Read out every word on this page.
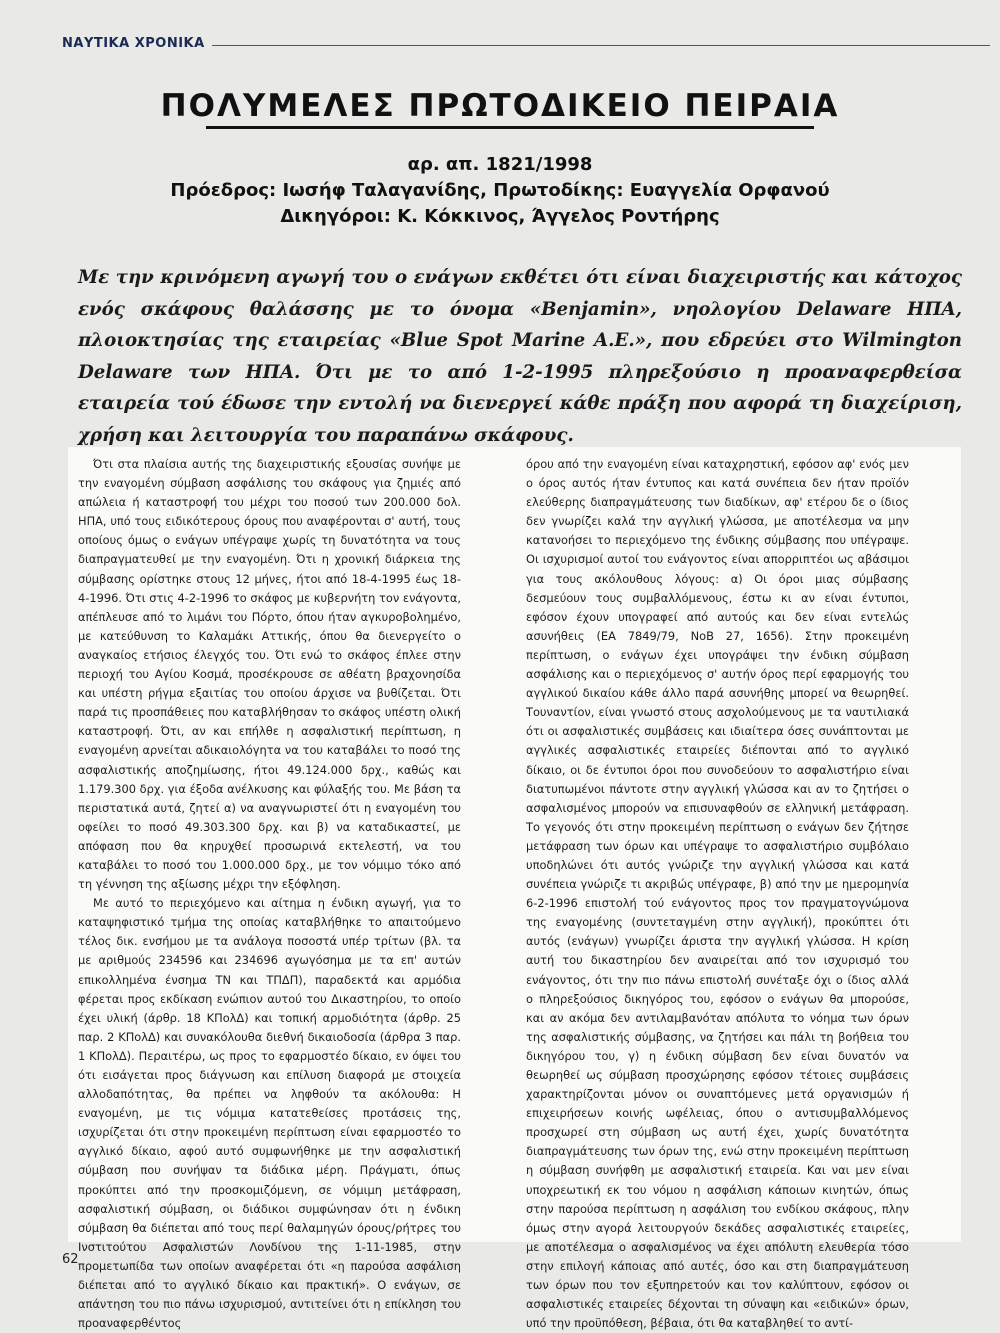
ΝΑΥΤΙΚΑ ΧΡΟΝΙΚΑ
ΠΟΛΥΜΕΛΕΣ ΠΡΩΤΟΔΙΚΕΙΟ ΠΕΙΡΑΙΑ
αρ. απ. 1821/1998
Πρόεδρος: Ιωσήφ Ταλαγανίδης, Πρωτοδίκης: Ευαγγελία Ορφανού
Δικηγόροι: Κ. Κόκκινος, Άγγελος Ροντήρης
Με την κρινόμενη αγωγή του ο ενάγων εκθέτει ότι είναι διαχειριστής και κάτοχος ενός σκάφους θαλάσσης με το όνομα «Benjamin», νηολογίου Delaware ΗΠΑ, πλοιοκτησίας της εταιρείας «Blue Spot Marine A.E.», που εδρεύει στο Wilmington Delaware των ΗΠΑ. Ότι με το από 1-2-1995 πληρεξούσιο η προαναφερθείσα εταιρεία τού έδωσε την εντολή να διενεργεί κάθε πράξη που αφορά τη διαχείριση, χρήση και λειτουργία του παραπάνω σκάφους.

Ότι στα πλαίσια αυτής της διαχειριστικής εξουσίας συνήψε με την εναγομένη σύμβαση ασφάλισης του σκάφους για ζημιές από απώλεια ή καταστροφή του μέχρι του ποσού των 200.000 δολ. ΗΠΑ, υπό τους ειδικότερους όρους που αναφέρονται σ' αυτή, τους οποίους όμως ο ενάγων υπέγραψε χωρίς τη δυνατότητα να τους διαπραγματευθεί με την εναγομένη. Ότι η χρονική διάρκεια της σύμβασης ορίστηκε στους 12 μήνες, ήτοι από 18-4-1995 έως 18-4-1996. Ότι στις 4-2-1996 το σκάφος με κυβερνήτη τον ενάγοντα, απέπλευσε από το λιμάνι του Πόρτο, όπου ήταν αγκυροβολημένο, με κατεύθυνση το Καλαμάκι Αττικής, όπου θα διενεργείτο ο αναγκαίος ετήσιος έλεγχός του. Ότι ενώ το σκάφος έπλεε στην περιοχή του Αγίου Κοσμά, προσέκρουσε σε αθέατη βραχονησίδα και υπέστη ρήγμα εξαιτίας του οποίου άρχισε να βυθίζεται. Ότι παρά τις προσπάθειες που καταβλήθησαν το σκάφος υπέστη ολική καταστροφή. Ότι, αν και επήλθε η ασφαλιστική περίπτωση, η εναγομένη αρνείται αδικαιολόγητα να του καταβάλει το ποσό της ασφαλιστικής αποζημίωσης, ήτοι 49.124.000 δρχ., καθώς και 1.179.300 δρχ. για έξοδα ανέλκυσης και φύλαξής του. Με βάση τα περιστατικά αυτά, ζητεί α) να αναγνωριστεί ότι η εναγομένη του οφείλει το ποσό 49.303.300 δρχ. και β) να καταδικαστεί, με απόφαση που θα κηρυχθεί προσωρινά εκτελεστή, να του καταβάλει το ποσό του 1.000.000 δρχ., με τον νόμιμο τόκο από τη γέννηση της αξίωσης μέχρι την εξόφληση.

Με αυτό το περιεχόμενο και αίτημα η ένδικη αγωγή, για το καταψηφιστικό τμήμα της οποίας καταβλήθηκε το απαιτούμενο τέλος δικ. ενσήμου με τα ανάλογα ποσοστά υπέρ τρίτων (βλ. τα με αριθμούς 234596 και 234696 αγωγόσημα με τα επ' αυτών επικολλημένα ένσημα ΤΝ και ΤΠΔΠ), παραδεκτά και αρμόδια φέρεται προς εκδίκαση ενώπιον αυτού του Δικαστηρίου, το οποίο έχει υλική (άρθρ. 18 ΚΠολΔ) και τοπική αρμοδιότητα (άρθρ. 25 παρ. 2 ΚΠολΔ) και συνακόλουθα διεθνή δικαιοδοσία (άρθρα 3 παρ. 1 ΚΠολΔ). Περαιτέρω, ως προς το εφαρμοστέο δίκαιο, εν όψει του ότι εισάγεται προς διάγνωση και επίλυση διαφορά με στοιχεία αλλοδαπότητας, θα πρέπει να ληφθούν τα ακόλουθα: Η εναγομένη, με τις νόμιμα κατατεθείσες προτάσεις της, ισχυρίζεται ότι στην προκειμένη περίπτωση είναι εφαρμοστέο το αγγλικό δίκαιο, αφού αυτό συμφωνήθηκε με την ασφαλιστική σύμβαση που συνήψαν τα διάδικα μέρη. Πράγματι, όπως προκύπτει από την προσκομιζόμενη, σε νόμιμη μετάφραση, ασφαλιστική σύμβαση, οι διάδικοι συμφώνησαν ότι η ένδικη σύμβαση θα διέπεται από τους περί θαλαμηγών όρους/ρήτρες του Ινστιτούτου Ασφαλιστών Λονδίνου της 1-11-1985, στην προμετωπίδα των οποίων αναφέρεται ότι «η παρούσα ασφάλιση διέπεται από το αγγλικό δίκαιο και πρακτική». Ο ενάγων, σε απάντηση του πιο πάνω ισχυρισμού, αντιτείνει ότι η επίκληση του προαναφερθέντος

όρου από την εναγομένη είναι καταχρηστική, εφόσον αφ' ενός μεν ο όρος αυτός ήταν έντυπος και κατά συνέπεια δεν ήταν προϊόν ελεύθερης διαπραγμάτευσης των διαδίκων, αφ' ετέρου δε ο ίδιος δεν γνωρίζει καλά την αγγλική γλώσσα, με αποτέλεσμα να μην κατανοήσει το περιεχόμενο της ένδικης σύμβασης που υπέγραψε. Οι ισχυρισμοί αυτοί του ενάγοντος είναι απορριπτέοι ως αβάσιμοι για τους ακόλουθους λόγους: α) Οι όροι μιας σύμβασης δεσμεύουν τους συμβαλλόμενους, έστω κι αν είναι έντυποι, εφόσον έχουν υπογραφεί από αυτούς και δεν είναι εντελώς ασυνήθεις (ΕΑ 7849/79, ΝοΒ 27, 1656). Στην προκειμένη περίπτωση, ο ενάγων έχει υπογράψει την ένδικη σύμβαση ασφάλισης και ο περιεχόμενος σ' αυτήν όρος περί εφαρμογής του αγγλικού δικαίου κάθε άλλο παρά ασυνήθης μπορεί να θεωρηθεί. Τουναντίον, είναι γνωστό στους ασχολούμενους με τα ναυτιλιακά ότι οι ασφαλιστικές συμβάσεις και ιδιαίτερα όσες συνάπτονται με αγγλικές ασφαλιστικές εταιρείες διέπονται από το αγγλικό δίκαιο, οι δε έντυποι όροι που συνοδεύουν το ασφαλιστήριο είναι διατυπωμένοι πάντοτε στην αγγλική γλώσσα και αν το ζητήσει ο ασφαλισμένος μπορούν να επισυναφθούν σε ελληνική μετάφραση. Το γεγονός ότι στην προκειμένη περίπτωση ο ενάγων δεν ζήτησε μετάφραση των όρων και υπέγραψε το ασφαλιστήριο συμβόλαιο υποδηλώνει ότι αυτός γνώριζε την αγγλική γλώσσα και κατά συνέπεια γνώριζε τι ακριβώς υπέγραφε, β) από την με ημερομηνία 6-2-1996 επιστολή τού ενάγοντος προς τον πραγματογνώμονα της εναγομένης (συντεταγμένη στην αγγλική), προκύπτει ότι αυτός (ενάγων) γνωρίζει άριστα την αγγλική γλώσσα. Η κρίση αυτή του δικαστηρίου δεν αναιρείται από τον ισχυρισμό του ενάγοντος, ότι την πιο πάνω επιστολή συνέταξε όχι ο ίδιος αλλά ο πληρεξούσιος δικηγόρος του, εφόσον ο ενάγων θα μπορούσε, και αν ακόμα δεν αντιλαμβανόταν απόλυτα το νόημα των όρων της ασφαλιστικής σύμβασης, να ζητήσει και πάλι τη βοήθεια του δικηγόρου του, γ) η ένδικη σύμβαση δεν είναι δυνατόν να θεωρηθεί ως σύμβαση προσχώρησης εφόσον τέτοιες συμβάσεις χαρακτηρίζονται μόνον οι συναπτόμενες μετά οργανισμών ή επιχειρήσεων κοινής ωφέλειας, όπου ο αντισυμβαλλόμενος προσχωρεί στη σύμβαση ως αυτή έχει, χωρίς δυνατότητα διαπραγμάτευσης των όρων της, ενώ στην προκειμένη περίπτωση η σύμβαση συνήφθη με ασφαλιστική εταιρεία. Και ναι μεν είναι υποχρεωτική εκ του νόμου η ασφάλιση κάποιων κινητών, όπως στην παρούσα περίπτωση η ασφάλιση του ενδίκου σκάφους, πλην όμως στην αγορά λειτουργούν δεκάδες ασφαλιστικές εταιρείες, με αποτέλεσμα ο ασφαλισμένος να έχει απόλυτη ελευθερία τόσο στην επιλογή κάποιας από αυτές, όσο και στη διαπραγμάτευση των όρων που τον εξυπηρετούν και τον καλύπτουν, εφόσον οι ασφαλιστικές εταιρείες δέχονται τη σύναψη και «ειδικών» όρων, υπό την προϋπόθεση, βέβαια, ότι θα καταβληθεί το αντί-

62
